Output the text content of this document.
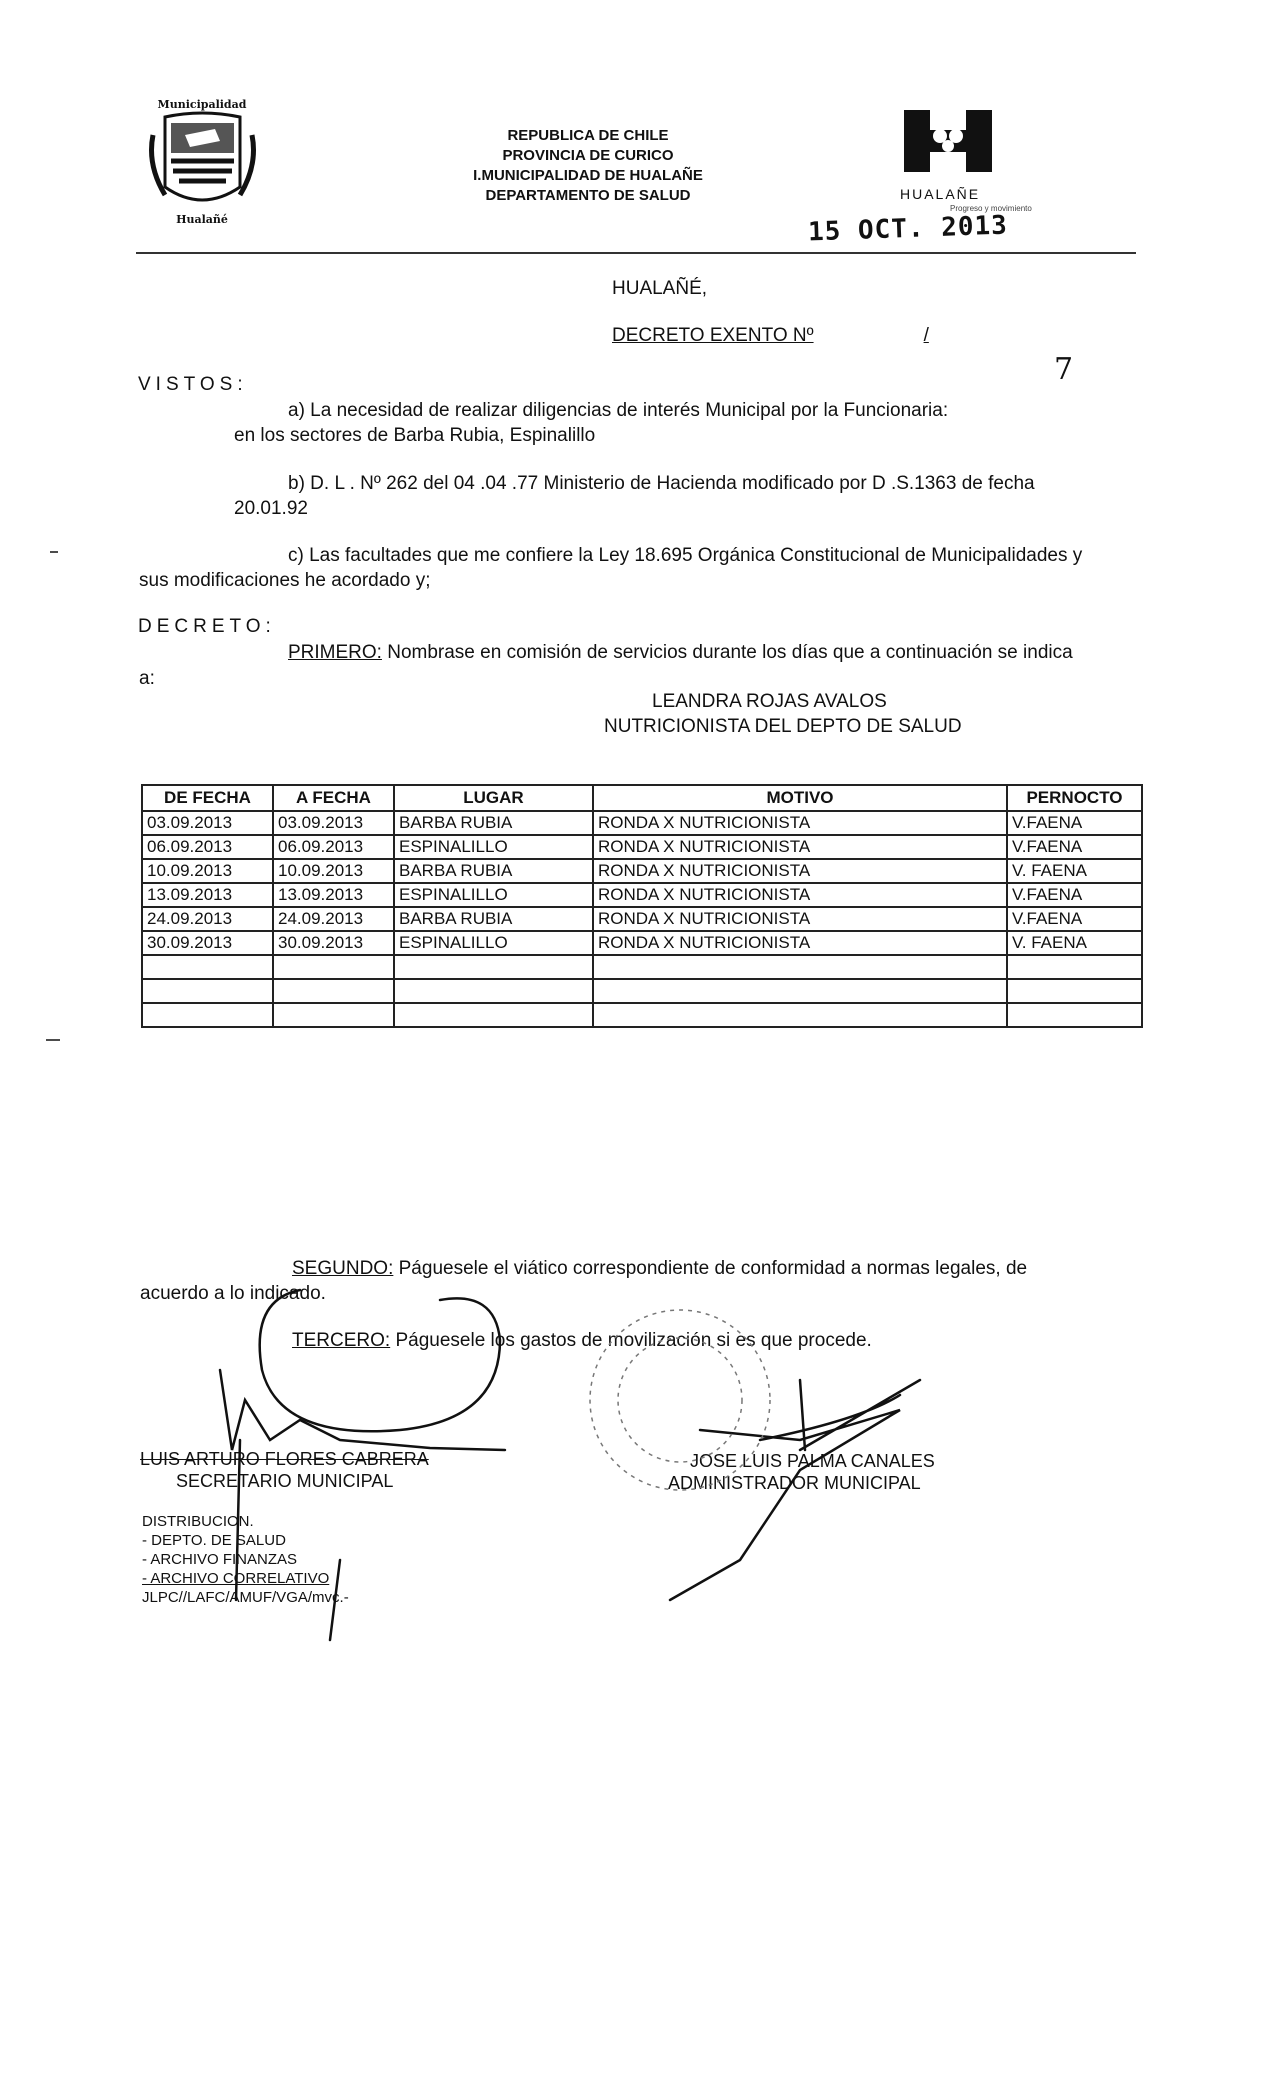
Municipalidad
Hualañé
REPUBLICA DE CHILE
PROVINCIA DE CURICO
I.MUNICIPALIDAD DE HUALAÑE
DEPARTAMENTO DE SALUD	HUALAÑE
Progreso y movimiento
15 OCT. 2013
HUALAÑÉ,
DECRETO EXENTO Nº	/
7
VISTOS:
a) La necesidad de realizar diligencias de interés Municipal por la Funcionaria:
en los sectores de Barba Rubia, Espinalillo
b) D. L . Nº 262 del 04 .04 .77 Ministerio de Hacienda modificado por D .S.1363 de fecha
20.01.92
c) Las facultades que me confiere la Ley 18.695 Orgánica Constitucional de Municipalidades y
sus modificaciones he acordado y;
DECRETO:
PRIMERO: Nombrase en comisión de servicios durante los días que a continuación se indica
a:
LEANDRA ROJAS AVALOS
NUTRICIONISTA DEL DEPTO DE SALUD
DE FECHA	A FECHA	LUGAR	MOTIVO	PERNOCTO
03.09.2013	03.09.2013	BARBA RUBIA	RONDA X NUTRICIONISTA	V.FAENA
06.09.2013	06.09.2013	ESPINALILLO	RONDA X NUTRICIONISTA	V.FAENA
10.09.2013	10.09.2013	BARBA RUBIA	RONDA X NUTRICIONISTA	V. FAENA
13.09.2013	13.09.2013	ESPINALILLO	RONDA X NUTRICIONISTA	V.FAENA
24.09.2013	24.09.2013	BARBA RUBIA	RONDA X NUTRICIONISTA	V.FAENA
30.09.2013	30.09.2013	ESPINALILLO	RONDA X NUTRICIONISTA	V. FAENA

SEGUNDO: Páguesele el viático correspondiente de conformidad a normas legales, de
acuerdo a lo indicado.
TERCERO: Páguesele los gastos de movilización si es que procede.
LUIS ARTURO FLORES CABRERA
SECRETARIO MUNICIPAL
JOSE LUIS PALMA CANALES
ADMINISTRADOR MUNICIPAL
DISTRIBUCION.
- DEPTO. DE SALUD
- ARCHIVO FINANZAS
- ARCHIVO CORRELATIVO
JLPC//LAFC/AMUF/VGA/mvc.-
